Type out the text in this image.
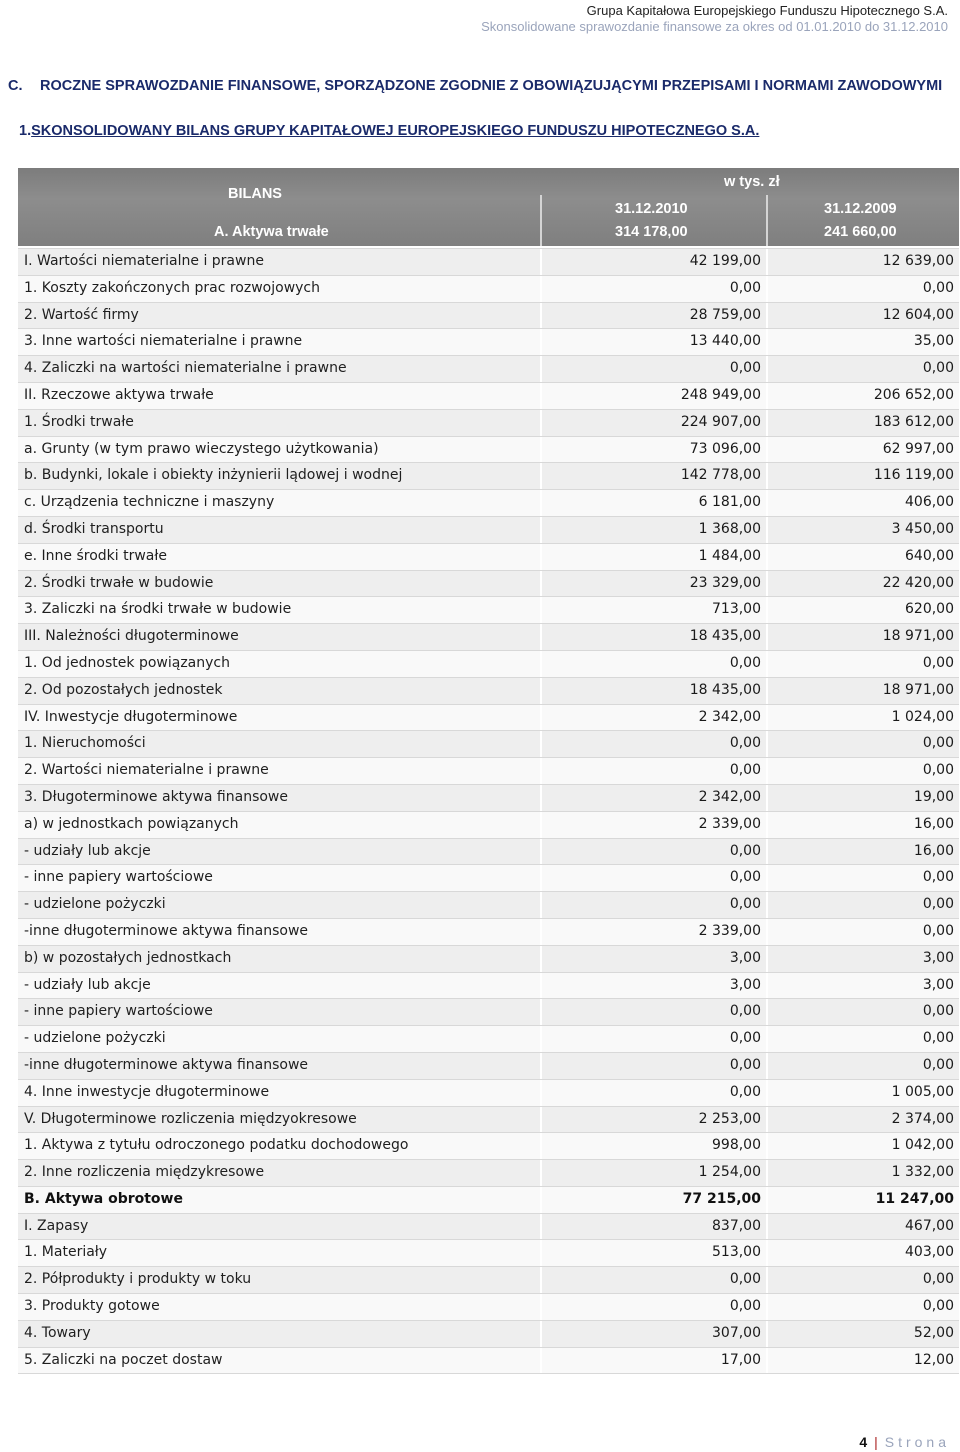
Grupa Kapitałowa Europejskiego Funduszu Hipotecznego S.A.
Skonsolidowane sprawozdanie finansowe za okres od 01.01.2010 do 31.12.2010
C. ROCZNE SPRAWOZDANIE FINANSOWE, SPORZĄDZONE ZGODNIE Z OBOWIĄZUJĄCYMI PRZEPISAMI I NORMAMI ZAWODOWYMI
1.SKONSOLIDOWANY BILANS GRUPY KAPITAŁOWEJ EUROPEJSKIEGO FUNDUSZU HIPOTECZNEGO S.A.
BILANS
w tys. zł
31.12.2010	31.12.2009
A. Aktywa trwałe	314 178,00	241 660,00
I. Wartości niematerialne i prawne	42 199,00	12 639,00
1. Koszty zakończonych prac rozwojowych	0,00	0,00
2. Wartość firmy	28 759,00	12 604,00
3. Inne wartości niematerialne i prawne	13 440,00	35,00
4. Zaliczki na wartości niematerialne i prawne	0,00	0,00
II. Rzeczowe aktywa trwałe	248 949,00	206 652,00
1. Środki trwałe	224 907,00	183 612,00
a. Grunty (w tym prawo wieczystego użytkowania)	73 096,00	62 997,00
b. Budynki, lokale i obiekty inżynierii lądowej i wodnej	142 778,00	116 119,00
c. Urządzenia techniczne i maszyny	6 181,00	406,00
d. Środki transportu	1 368,00	3 450,00
e. Inne środki trwałe	1 484,00	640,00
2. Środki trwałe w budowie	23 329,00	22 420,00
3. Zaliczki na środki trwałe w budowie	713,00	620,00
III. Należności długoterminowe	18 435,00	18 971,00
1. Od jednostek powiązanych	0,00	0,00
2. Od pozostałych jednostek	18 435,00	18 971,00
IV. Inwestycje długoterminowe	2 342,00	1 024,00
1. Nieruchomości	0,00	0,00
2. Wartości niematerialne i prawne	0,00	0,00
3. Długoterminowe aktywa finansowe	2 342,00	19,00
a) w jednostkach powiązanych	2 339,00	16,00
- udziały lub akcje	0,00	16,00
- inne papiery wartościowe	0,00	0,00
- udzielone pożyczki	0,00	0,00
-inne długoterminowe aktywa finansowe	2 339,00	0,00
b) w pozostałych jednostkach	3,00	3,00
- udziały lub akcje	3,00	3,00
- inne papiery wartościowe	0,00	0,00
- udzielone pożyczki	0,00	0,00
-inne długoterminowe aktywa finansowe	0,00	0,00
4. Inne inwestycje długoterminowe	0,00	1 005,00
V. Długoterminowe rozliczenia międzyokresowe	2 253,00	2 374,00
1. Aktywa z tytułu odroczonego podatku dochodowego	998,00	1 042,00
2. Inne rozliczenia międzykresowe	1 254,00	1 332,00
B. Aktywa obrotowe	77 215,00	11 247,00
I. Zapasy	837,00	467,00
1. Materiały	513,00	403,00
2. Półprodukty i produkty w toku	0,00	0,00
3. Produkty gotowe	0,00	0,00
4. Towary	307,00	52,00
5. Zaliczki na poczet dostaw	17,00	12,00
4 | Strona
